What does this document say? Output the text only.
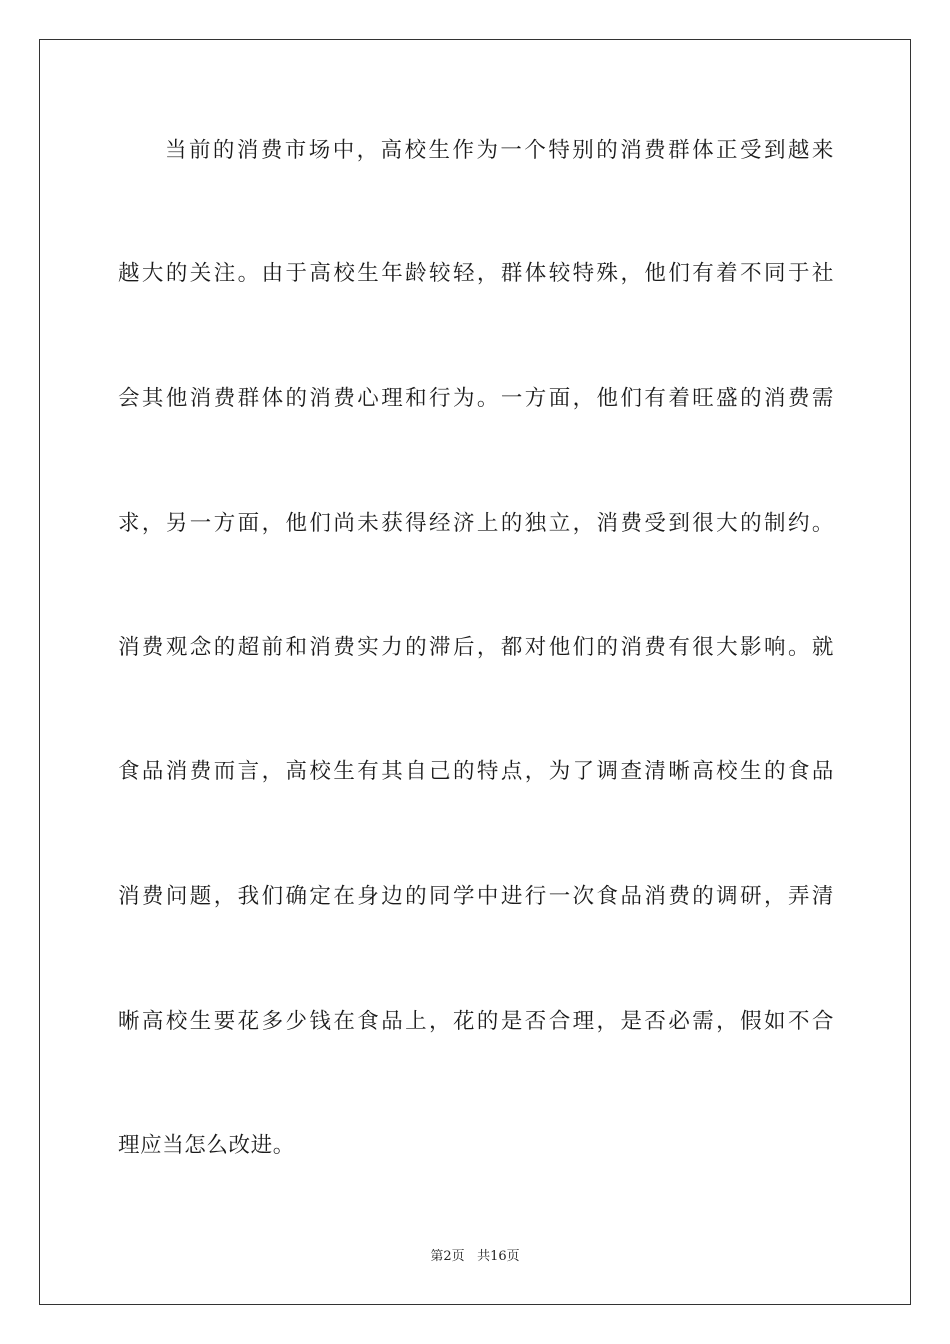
当前的消费市场中，高校生作为一个特别的消费群体正受到越来
越大的关注。由于高校生年龄较轻，群体较特殊，他们有着不同于社
会其他消费群体的消费心理和行为。一方面，他们有着旺盛的消费需
求，另一方面，他们尚未获得经济上的独立，消费受到很大的制约。
消费观念的超前和消费实力的滞后，都对他们的消费有很大影响。就
食品消费而言，高校生有其自己的特点，为了调查清晰高校生的食品
消费问题，我们确定在身边的同学中进行一次食品消费的调研，弄清
晰高校生要花多少钱在食品上，花的是否合理，是否必需，假如不合
理应当怎么改进。
第2页 共16页
